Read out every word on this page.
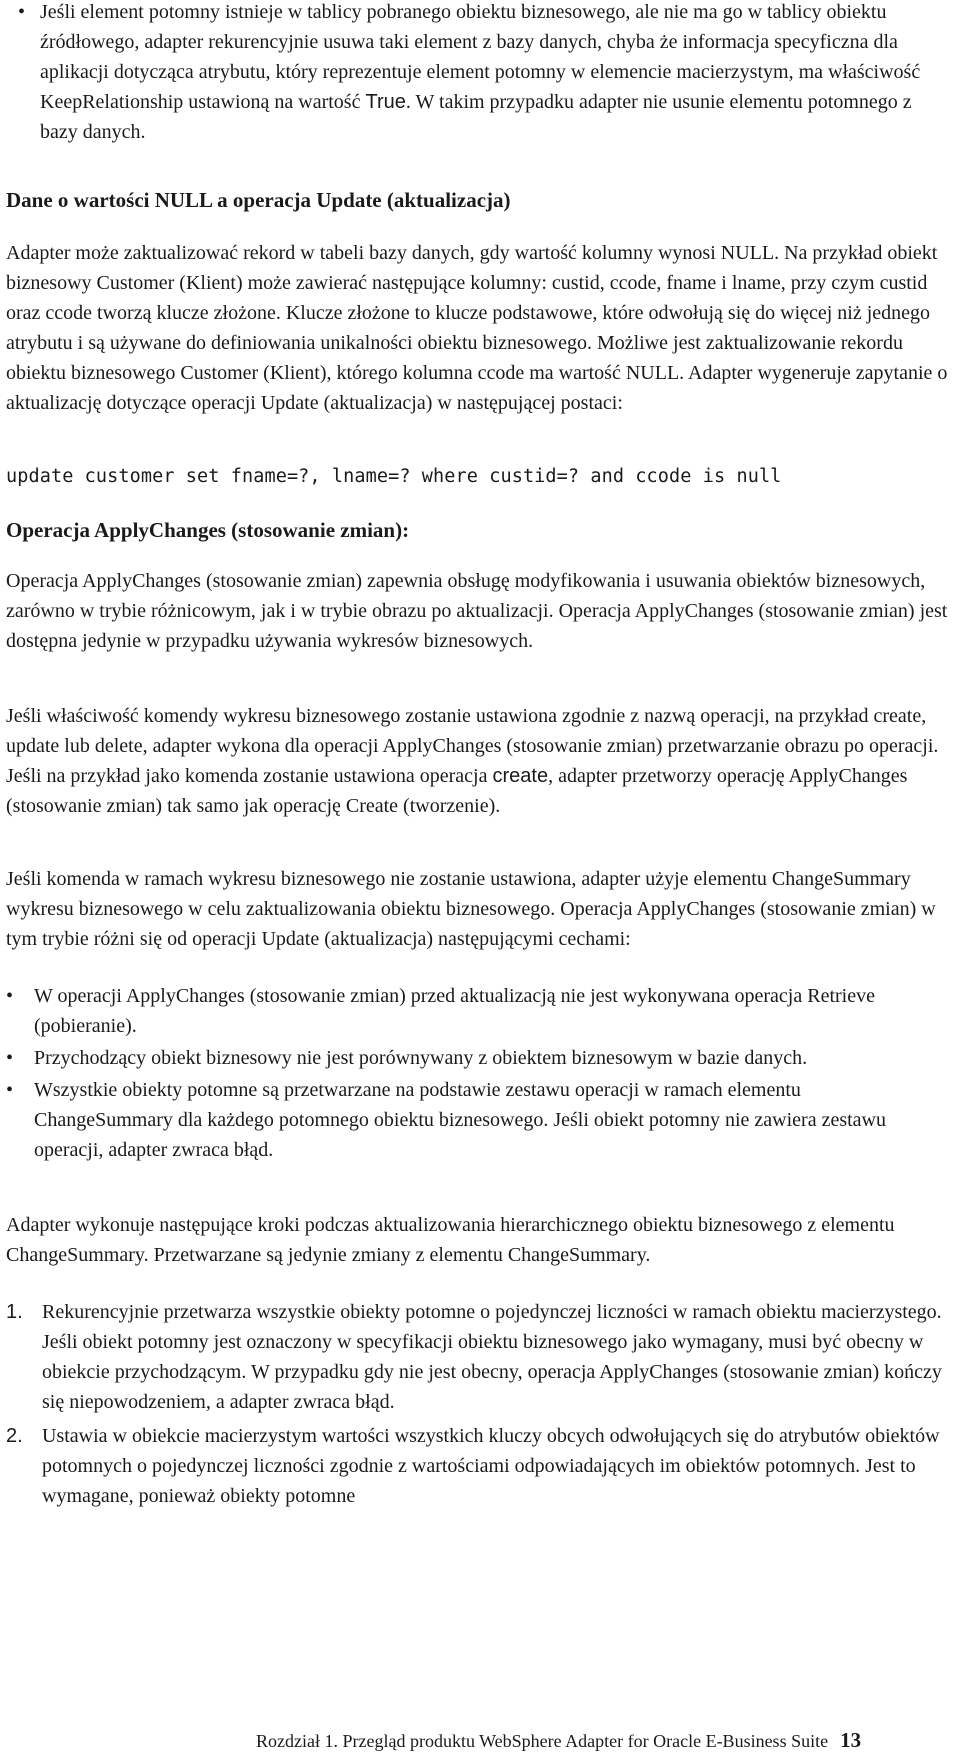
• Jeśli element potomny istnieje w tablicy pobranego obiektu biznesowego, ale nie ma go w tablicy obiektu źródłowego, adapter rekurencyjnie usuwa taki element z bazy danych, chyba że informacja specyficzna dla aplikacji dotycząca atrybutu, który reprezentuje element potomny w elemencie macierzystym, ma właściwość KeepRelationship ustawioną na wartość True. W takim przypadku adapter nie usunie elementu potomnego z bazy danych.

Dane o wartości NULL a operacja Update (aktualizacja)

Adapter może zaktualizować rekord w tabeli bazy danych, gdy wartość kolumny wynosi NULL. Na przykład obiekt biznesowy Customer (Klient) może zawierać następujące kolumny: custid, ccode, fname i lname, przy czym custid oraz ccode tworzą klucze złożone. Klucze złożone to klucze podstawowe, które odwołują się do więcej niż jednego atrybutu i są używane do definiowania unikalności obiektu biznesowego. Możliwe jest zaktualizowanie rekordu obiektu biznesowego Customer (Klient), którego kolumna ccode ma wartość NULL. Adapter wygeneruje zapytanie o aktualizację dotyczące operacji Update (aktualizacja) w następującej postaci:

update customer set fname=?, lname=? where custid=? and ccode is null
Operacja ApplyChanges (stosowanie zmian):

Operacja ApplyChanges (stosowanie zmian) zapewnia obsługę modyfikowania i usuwania obiektów biznesowych, zarówno w trybie różnicowym, jak i w trybie obrazu po aktualizacji. Operacja ApplyChanges (stosowanie zmian) jest dostępna jedynie w przypadku używania wykresów biznesowych.

Jeśli właściwość komendy wykresu biznesowego zostanie ustawiona zgodnie z nazwą operacji, na przykład create, update lub delete, adapter wykona dla operacji ApplyChanges (stosowanie zmian) przetwarzanie obrazu po operacji. Jeśli na przykład jako komenda zostanie ustawiona operacja create, adapter przetworzy operację ApplyChanges (stosowanie zmian) tak samo jak operację Create (tworzenie).

Jeśli komenda w ramach wykresu biznesowego nie zostanie ustawiona, adapter użyje elementu ChangeSummary wykresu biznesowego w celu zaktualizowania obiektu biznesowego. Operacja ApplyChanges (stosowanie zmian) w tym trybie różni się od operacji Update (aktualizacja) następującymi cechami:

• W operacji ApplyChanges (stosowanie zmian) przed aktualizacją nie jest wykonywana operacja Retrieve (pobieranie).

• Przychodzący obiekt biznesowy nie jest porównywany z obiektem biznesowym w bazie danych.

• Wszystkie obiekty potomne są przetwarzane na podstawie zestawu operacji w ramach elementu ChangeSummary dla każdego potomnego obiektu biznesowego. Jeśli obiekt potomny nie zawiera zestawu operacji, adapter zwraca błąd.

Adapter wykonuje następujące kroki podczas aktualizowania hierarchicznego obiektu biznesowego z elementu ChangeSummary. Przetwarzane są jedynie zmiany z elementu ChangeSummary.

1. Rekurencyjnie przetwarza wszystkie obiekty potomne o pojedynczej liczności w ramach obiektu macierzystego. Jeśli obiekt potomny jest oznaczony w specyfikacji obiektu biznesowego jako wymagany, musi być obecny w obiekcie przychodzącym. W przypadku gdy nie jest obecny, operacja ApplyChanges (stosowanie zmian) kończy się niepowodzeniem, a adapter zwraca błąd.

2. Ustawia w obiekcie macierzystym wartości wszystkich kluczy obcych odwołujących się do atrybutów obiektów potomnych o pojedynczej liczności zgodnie z wartościami odpowiadających im obiektów potomnych. Jest to wymagane, ponieważ obiekty potomne

Rozdział 1. Przegląd produktu WebSphere Adapter for Oracle E-Business Suite 13
